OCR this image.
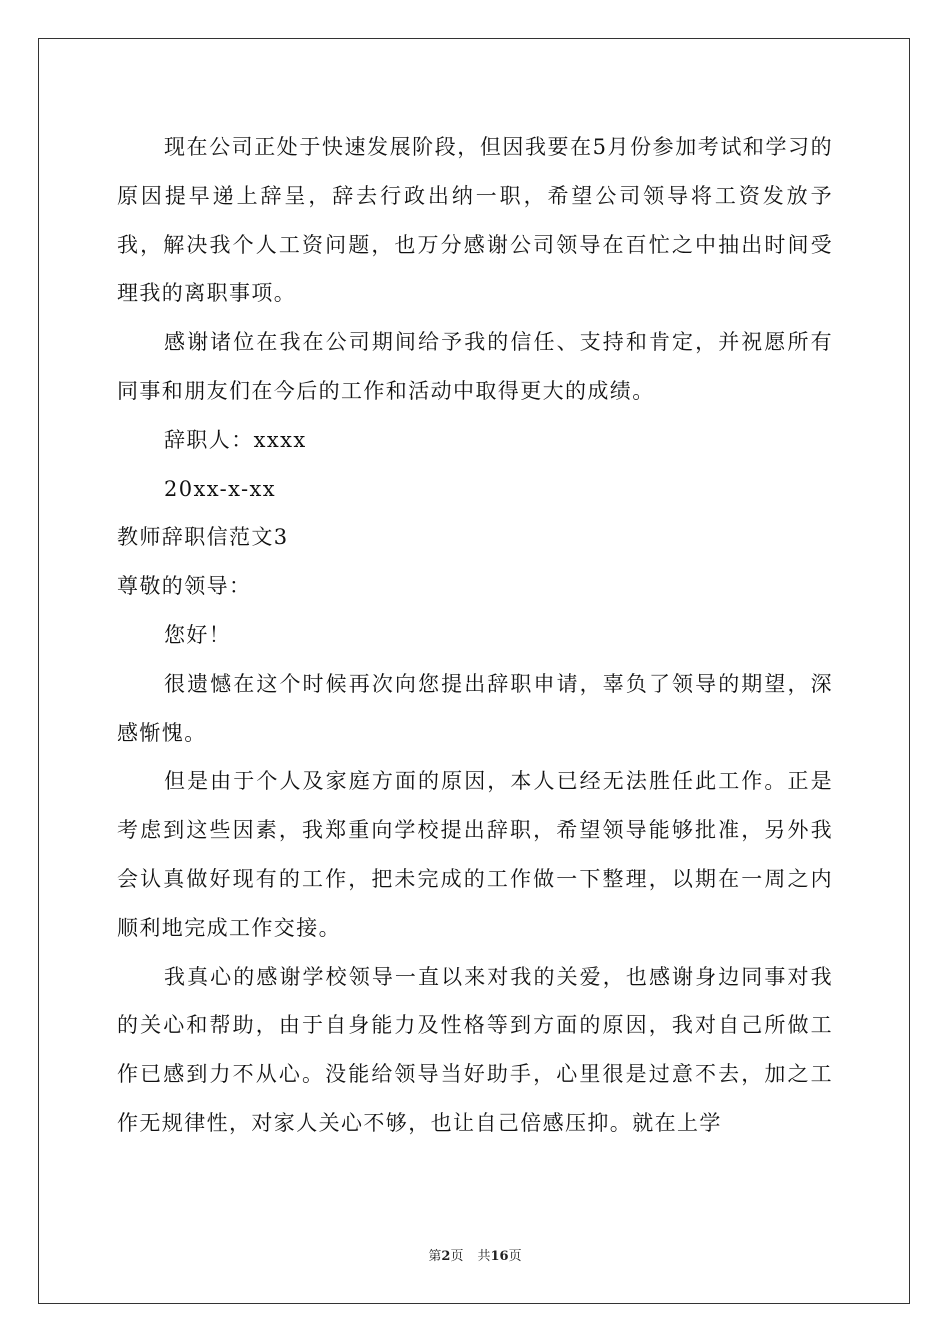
现在公司正处于快速发展阶段，但因我要在5月份参加考试和学习的原因提早递上辞呈，辞去行政出纳一职，希望公司领导将工资发放予我，解决我个人工资问题，也万分感谢公司领导在百忙之中抽出时间受理我的离职事项。

感谢诸位在我在公司期间给予我的信任、支持和肯定，并祝愿所有同事和朋友们在今后的工作和活动中取得更大的成绩。

辞职人：xxxx

20xx-x-xx

教师辞职信范文3

尊敬的领导：

您好！

很遗憾在这个时候再次向您提出辞职申请，辜负了领导的期望，深感惭愧。

但是由于个人及家庭方面的原因，本人已经无法胜任此工作。正是考虑到这些因素，我郑重向学校提出辞职，希望领导能够批准，另外我会认真做好现有的工作，把未完成的工作做一下整理，以期在一周之内顺利地完成工作交接。

我真心的感谢学校领导一直以来对我的关爱，也感谢身边同事对我的关心和帮助，由于自身能力及性格等到方面的原因，我对自己所做工作已感到力不从心。没能给领导当好助手，心里很是过意不去，加之工作无规律性，对家人关心不够，也让自己倍感压抑。就在上学

第2页 共16页
